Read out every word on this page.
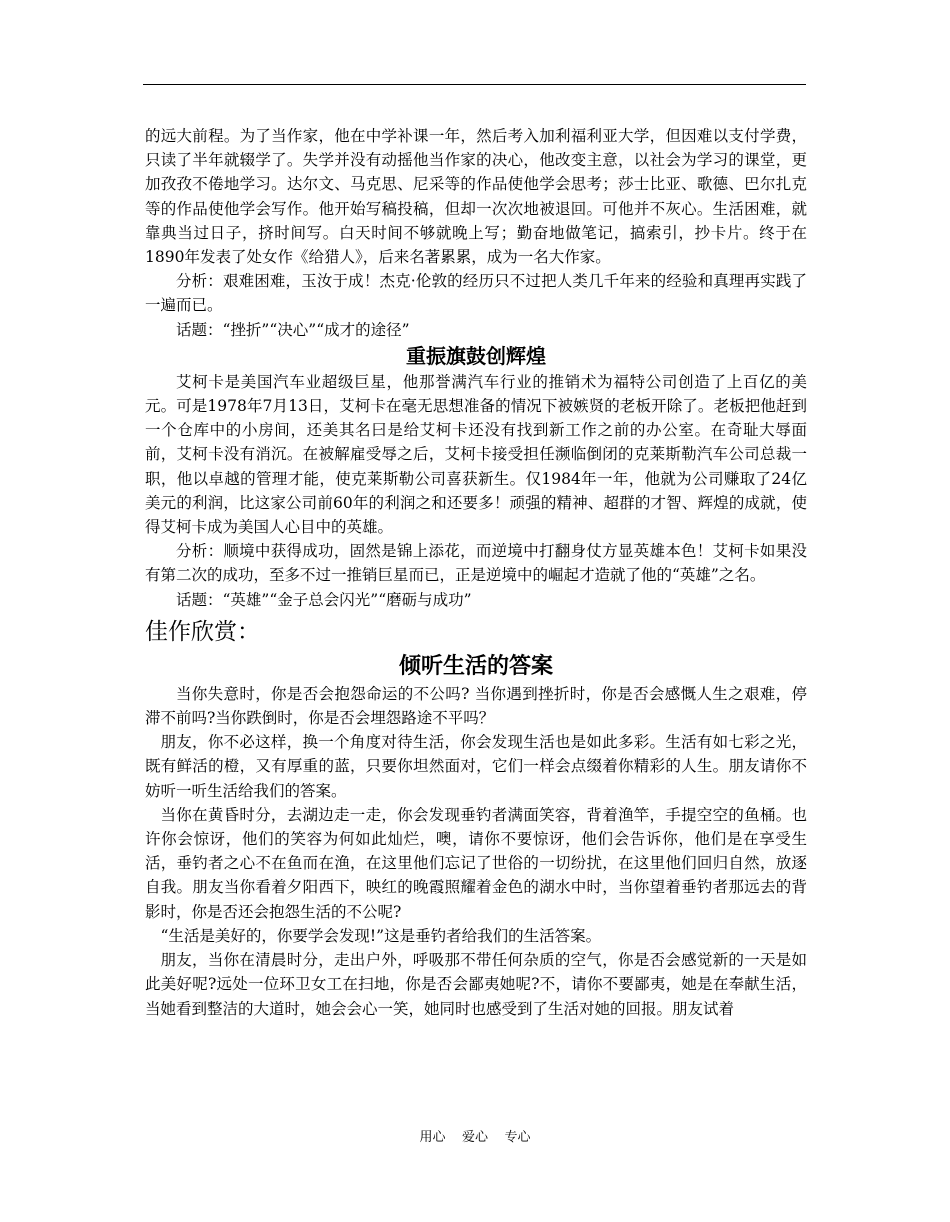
的远大前程。为了当作家，他在中学补课一年，然后考入加利福利亚大学，但因难以支付学费，只读了半年就辍学了。失学并没有动摇他当作家的决心，他改变主意，以社会为学习的课堂，更加孜孜不倦地学习。达尔文、马克思、尼采等的作品使他学会思考；莎士比亚、歌德、巴尔扎克等的作品使他学会写作。他开始写稿投稿，但却一次次地被退回。可他并不灰心。生活困难，就靠典当过日子，挤时间写。白天时间不够就晚上写；勤奋地做笔记，搞索引，抄卡片。终于在1890年发表了处女作《给猎人》，后来名著累累，成为一名大作家。

分析：艰难困难，玉汝于成！杰克·伦敦的经历只不过把人类几千年来的经验和真理再实践了一遍而已。

话题：“挫折”“决心”“成才的途径”

重振旗鼓创辉煌

艾柯卡是美国汽车业超级巨星，他那誉满汽车行业的推销术为福特公司创造了上百亿的美元。可是1978年7月13日，艾柯卡在毫无思想准备的情况下被嫉贤的老板开除了。老板把他赶到一个仓库中的小房间，还美其名曰是给艾柯卡还没有找到新工作之前的办公室。在奇耻大辱面前，艾柯卡没有消沉。在被解雇受辱之后，艾柯卡接受担任濒临倒闭的克莱斯勒汽车公司总裁一职，他以卓越的管理才能，使克莱斯勒公司喜获新生。仅1984年一年，他就为公司赚取了24亿美元的利润，比这家公司前60年的利润之和还要多！顽强的精神、超群的才智、辉煌的成就，使得艾柯卡成为美国人心目中的英雄。

分析：顺境中获得成功，固然是锦上添花，而逆境中打翻身仗方显英雄本色！艾柯卡如果没有第二次的成功，至多不过一推销巨星而已，正是逆境中的崛起才造就了他的“英雄”之名。

话题：“英雄”“金子总会闪光”“磨砺与成功”

佳作欣赏：

倾听生活的答案

当你失意时，你是否会抱怨命运的不公吗? 当你遇到挫折时，你是否会感慨人生之艰难，停滞不前吗?当你跌倒时，你是否会埋怨路途不平吗？

朋友，你不必这样，换一个角度对待生活，你会发现生活也是如此多彩。生活有如七彩之光，既有鲜活的橙，又有厚重的蓝，只要你坦然面对，它们一样会点缀着你精彩的人生。朋友请你不妨听一听生活给我们的答案。

当你在黄昏时分，去湖边走一走，你会发现垂钓者满面笑容，背着渔竿，手提空空的鱼桶。也许你会惊讶，他们的笑容为何如此灿烂，噢，请你不要惊讶，他们会告诉你，他们是在享受生活，垂钓者之心不在鱼而在渔，在这里他们忘记了世俗的一切纷扰，在这里他们回归自然，放逐自我。朋友当你看着夕阳西下，映红的晚霞照耀着金色的湖水中时，当你望着垂钓者那远去的背影时，你是否还会抱怨生活的不公呢?

“生活是美好的，你要学会发现!”这是垂钓者给我们的生活答案。

朋友，当你在清晨时分，走出户外，呼吸那不带任何杂质的空气，你是否会感觉新的一天是如此美好呢?远处一位环卫女工在扫地，你是否会鄙夷她呢?不，请你不要鄙夷，她是在奉献生活，当她看到整洁的大道时，她会会心一笑，她同时也感受到了生活对她的回报。朋友试着

用心    爱心    专心
